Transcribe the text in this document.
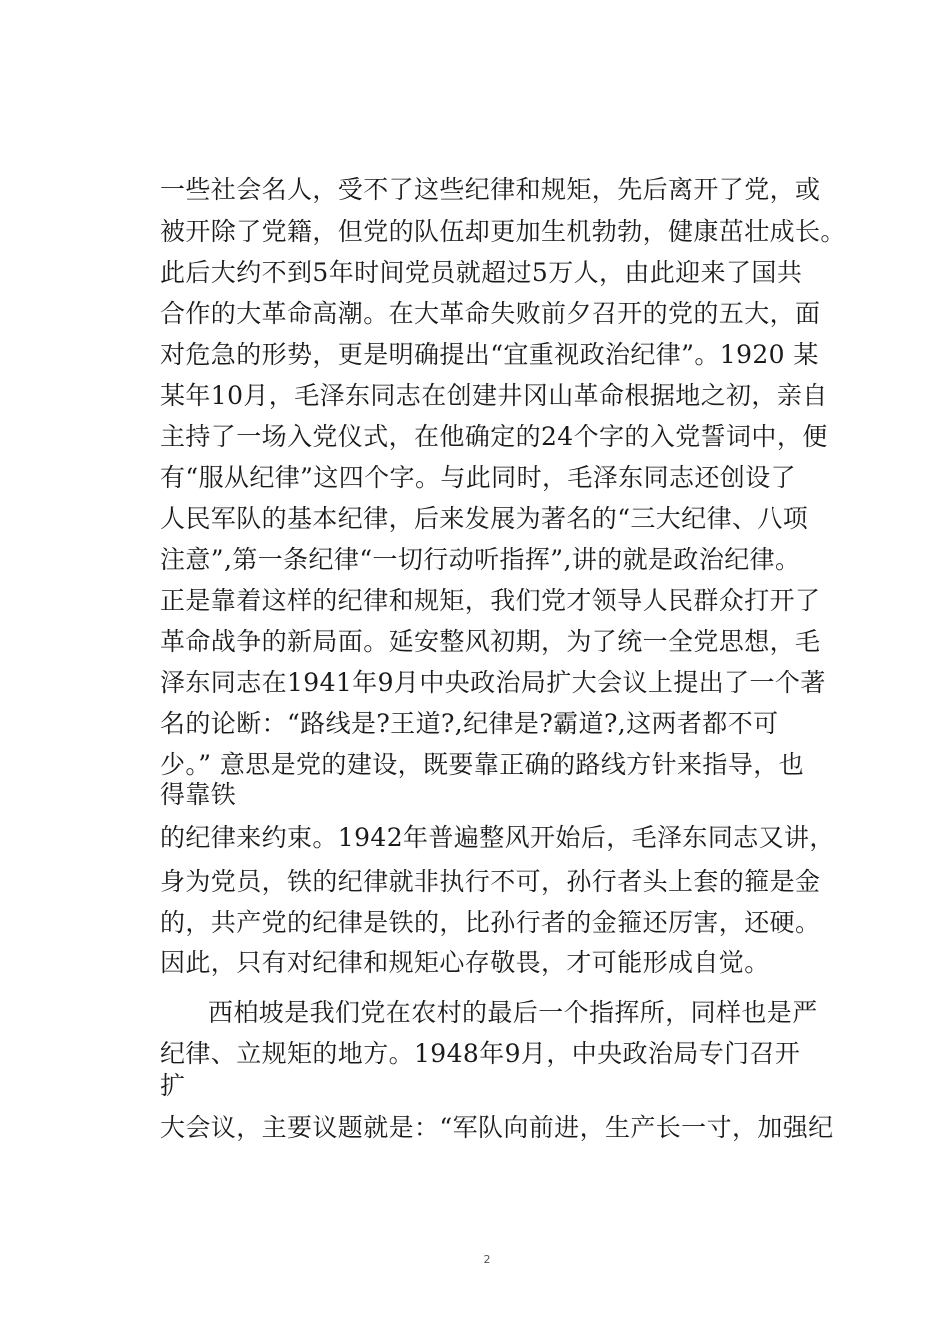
一些社会名人，受不了这些纪律和规矩，先后离开了党，或
被开除了党籍，但党的队伍却更加生机勃勃，健康茁壮成长。
此后大约不到5年时间党员就超过5万人，由此迎来了国共
合作的大革命高潮。在大革命失败前夕召开的党的五大，面
对危急的形势，更是明确提出“宜重视政治纪律”。1920 某
某年10月，毛泽东同志在创建井冈山革命根据地之初，亲自
主持了一场入党仪式，在他确定的24个字的入党誓词中，便
有“服从纪律”这四个字。与此同时，毛泽东同志还创设了
人民军队的基本纪律，后来发展为著名的“三大纪律、八项
注意”,第一条纪律“一切行动听指挥”,讲的就是政治纪律。
正是靠着这样的纪律和规矩，我们党才领导人民群众打开了
革命战争的新局面。延安整风初期，为了统一全党思想，毛
泽东同志在1941年9月中央政治局扩大会议上提出了一个著
名的论断：“路线是?王道?,纪律是?霸道?,这两者都不可
少。” 意思是党的建设，既要靠正确的路线方针来指导，也
得靠铁
的纪律来约束。1942年普遍整风开始后，毛泽东同志又讲，
身为党员，铁的纪律就非执行不可，孙行者头上套的箍是金
的，共产党的纪律是铁的，比孙行者的金箍还厉害，还硬。
因此，只有对纪律和规矩心存敬畏，才可能形成自觉。
西柏坡是我们党在农村的最后一个指挥所，同样也是严
纪律、立规矩的地方。1948年9月，中央政治局专门召开
扩
大会议，主要议题就是：“军队向前进，生产长一寸，加强纪
2
